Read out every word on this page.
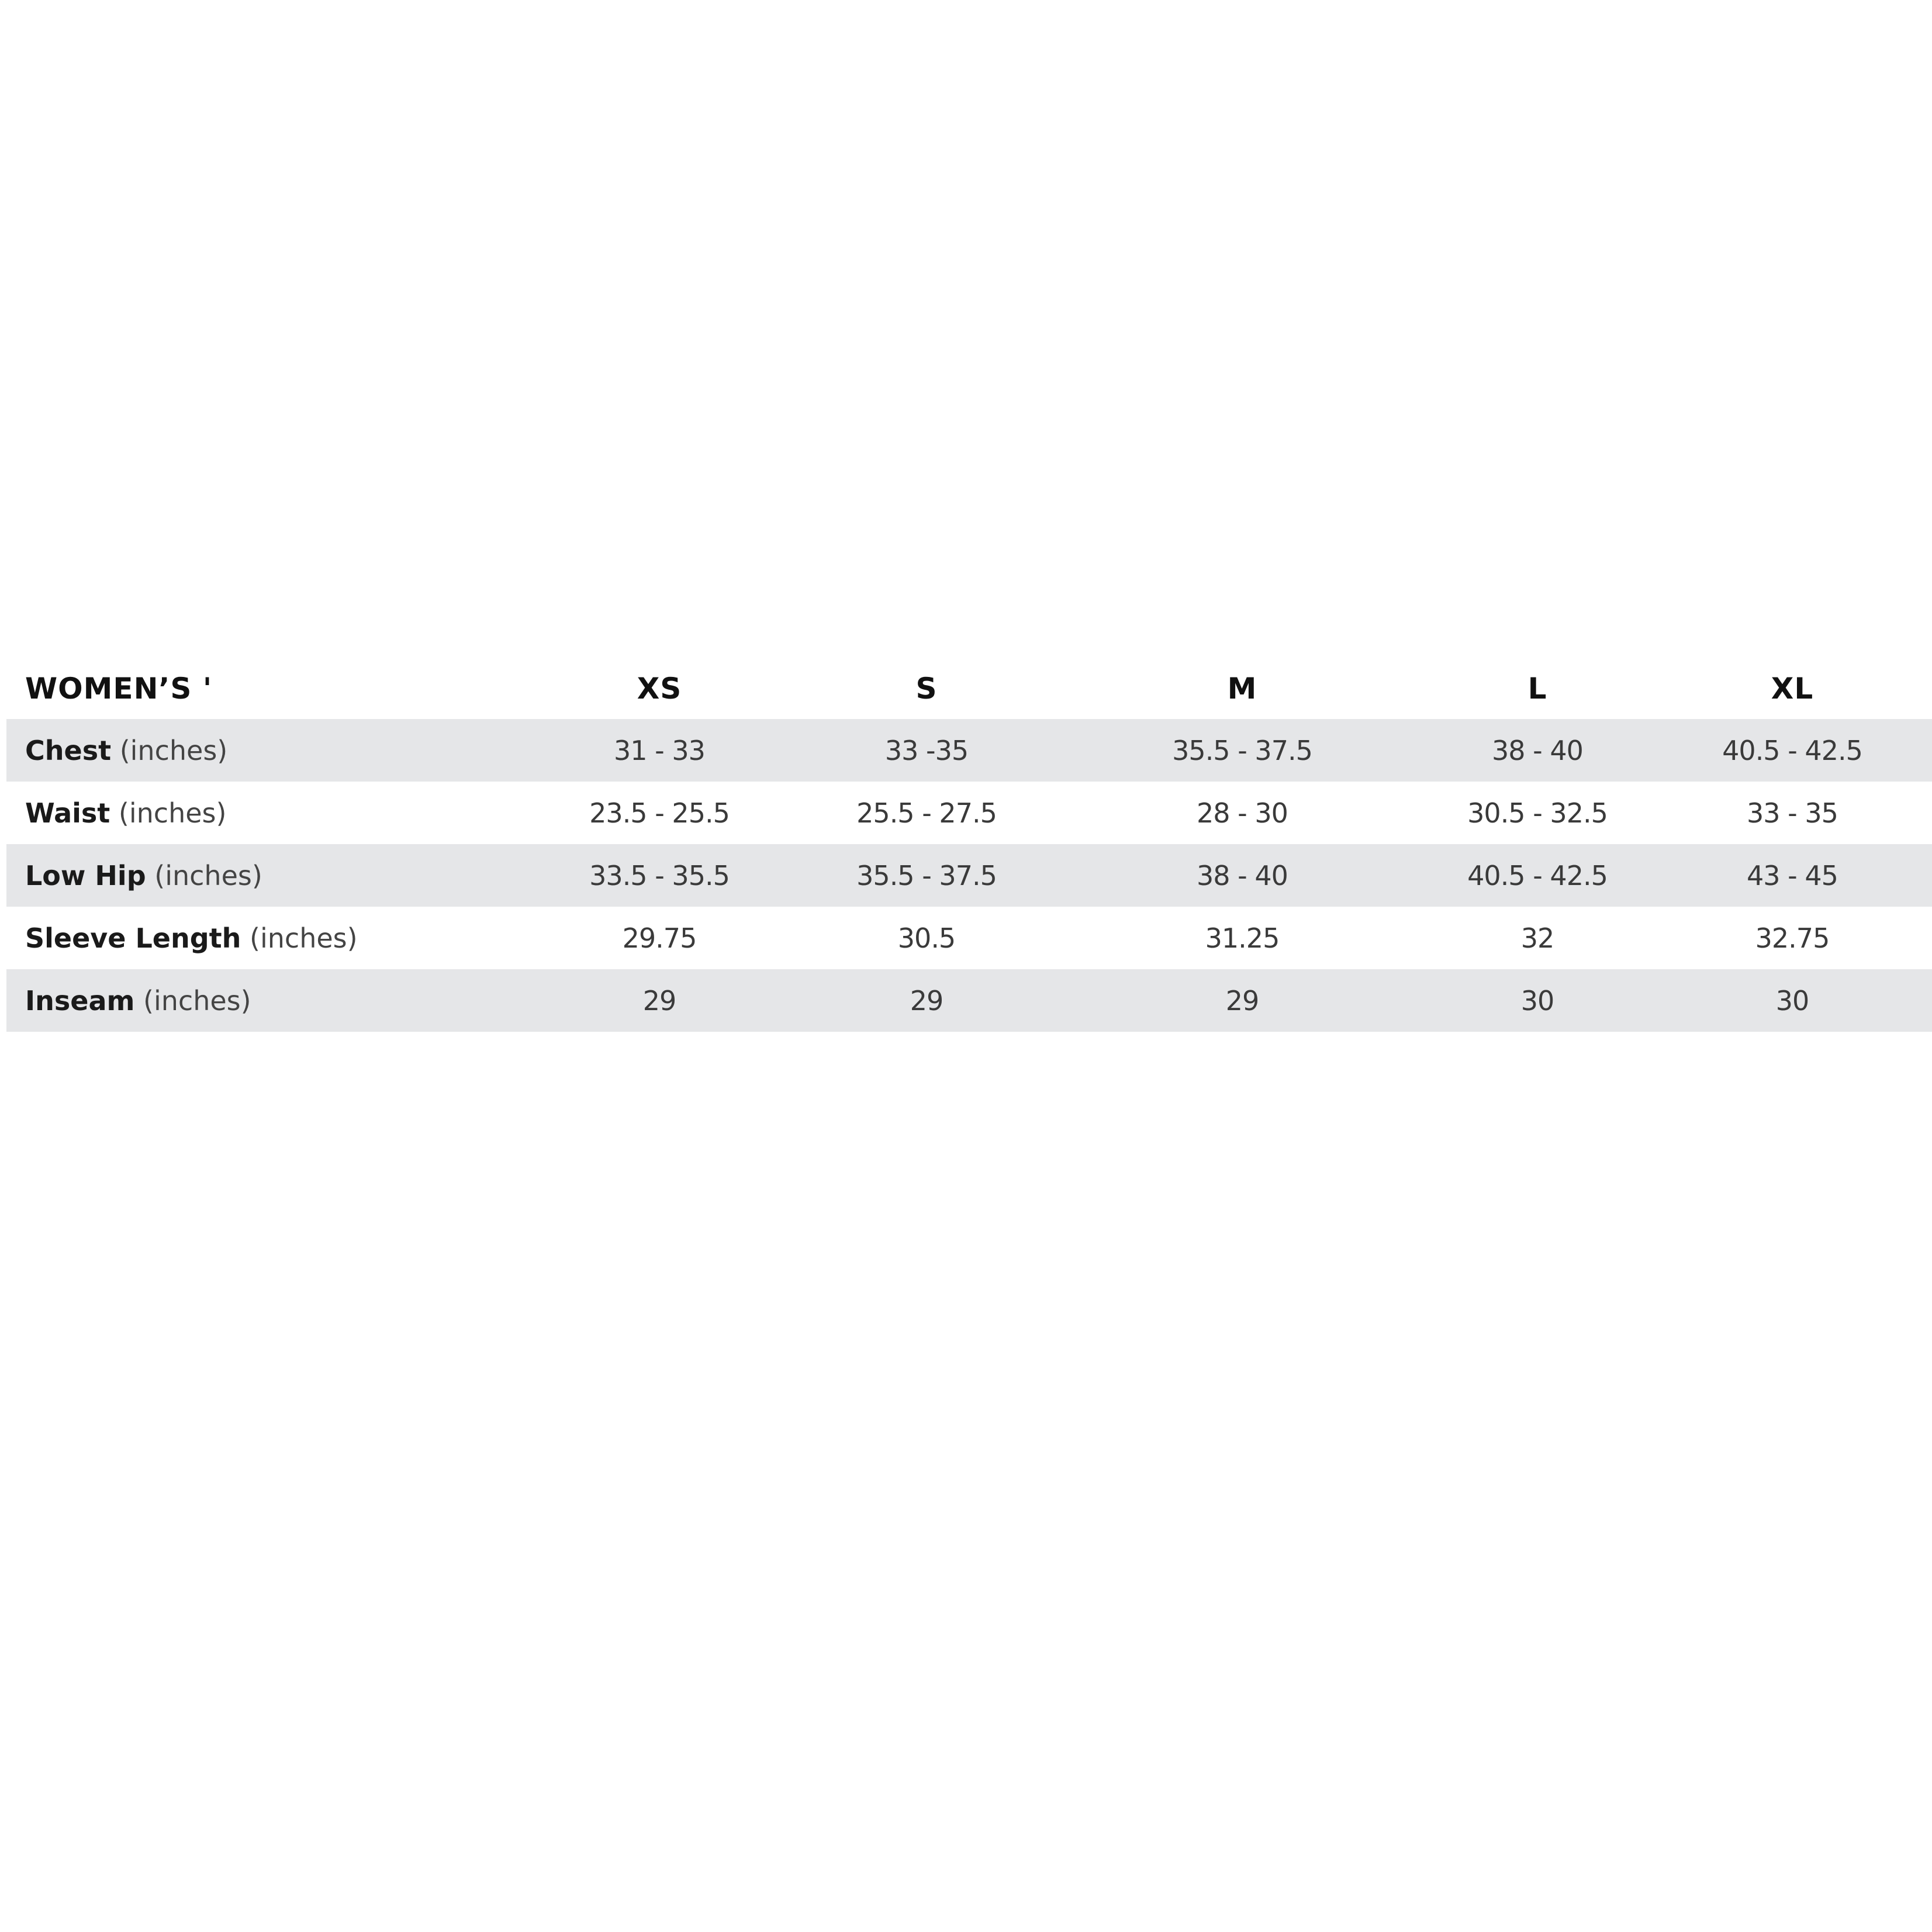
WOMEN’S '	XS	S	M	L	XL
Chest (inches)	31 - 33	33 -35	35.5 - 37.5	38 - 40	40.5 - 42.5
Waist (inches)	23.5 - 25.5	25.5 - 27.5	28 - 30	30.5 - 32.5	33 - 35
Low Hip (inches)	33.5 - 35.5	35.5 - 37.5	38 - 40	40.5 - 42.5	43 - 45
Sleeve Length (inches)	29.75	30.5	31.25	32	32.75
Inseam (inches)	29	29	29	30	30
